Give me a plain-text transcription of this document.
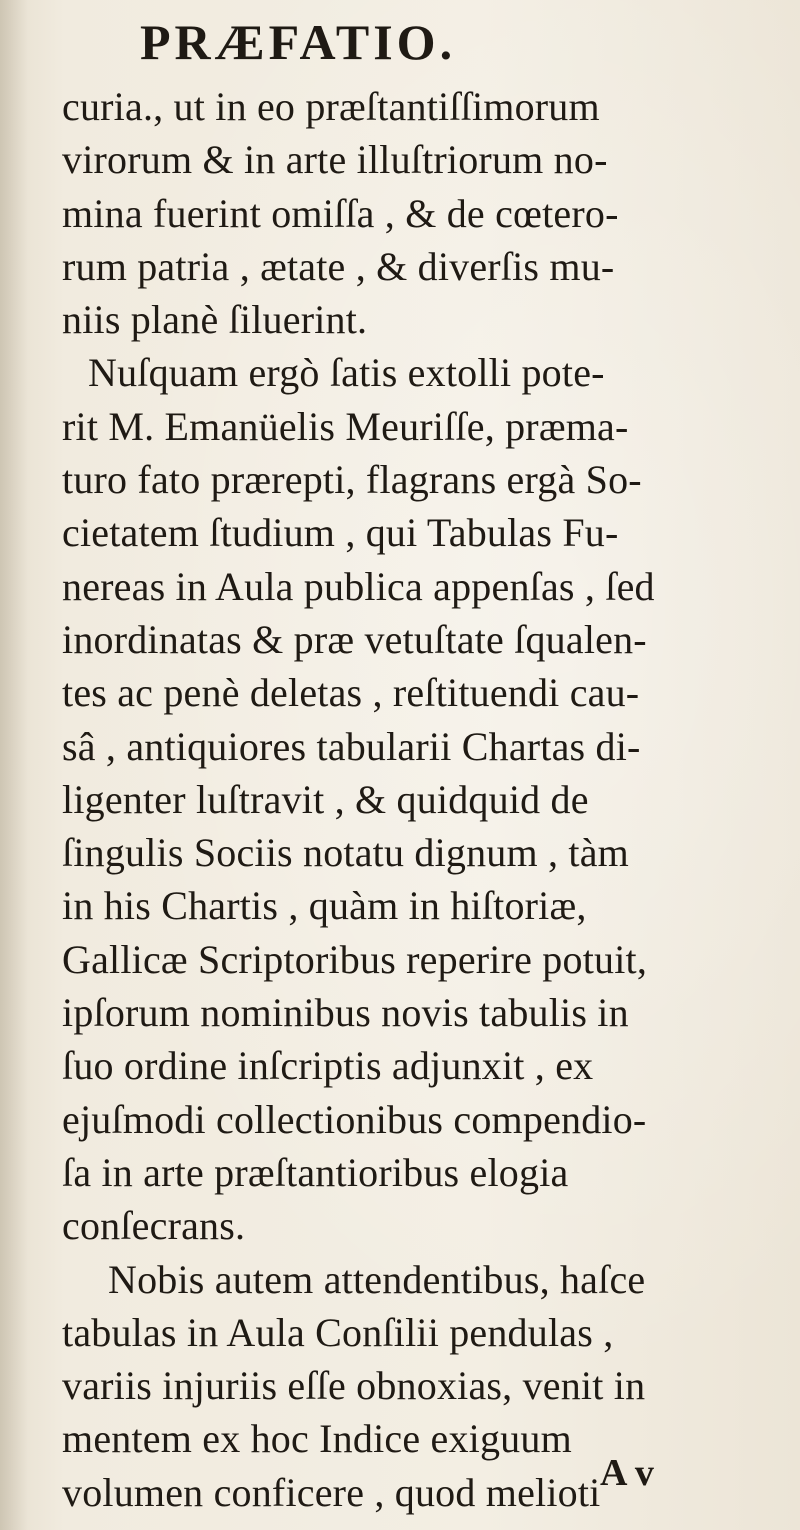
PRÆFATIO.
curia., ut in eo præſtantiſſimorum
virorum & in arte illuſtriorum no-
mina fuerint omiſſa , & de cœtero-
rum patria , ætate , & diverſis mu-
niis planè ſiluerint.
Nuſquam ergò ſatis extolli pote-
rit M. Emanüelis Meuriſſe, præma-
turo fato prærepti, flagrans ergà So-
cietatem ſtudium , qui Tabulas Fu-
nereas in Aula publica appenſas , ſed
inordinatas & præ vetuſtate ſqualen-
tes ac penè deletas , reſtituendi cau-
sâ , antiquiores tabularii Chartas di-
ligenter luſtravit , & quidquid de
ſingulis Sociis notatu dignum , tàm
in his Chartis , quàm in hiſtoriæ,
Gallicæ Scriptoribus reperire potuit,
ipſorum nominibus novis tabulis in
ſuo ordine inſcriptis adjunxit , ex
ejuſmodi collectionibus compendio-
ſa in arte præſtantioribus elogia
conſecrans.
Nobis autem attendentibus, haſce
tabulas in Aula Conſilii pendulas ,
variis injuriis eſſe obnoxias, venit in
mentem ex hoc Indice exiguum
volumen conficere , quod melioti A v
